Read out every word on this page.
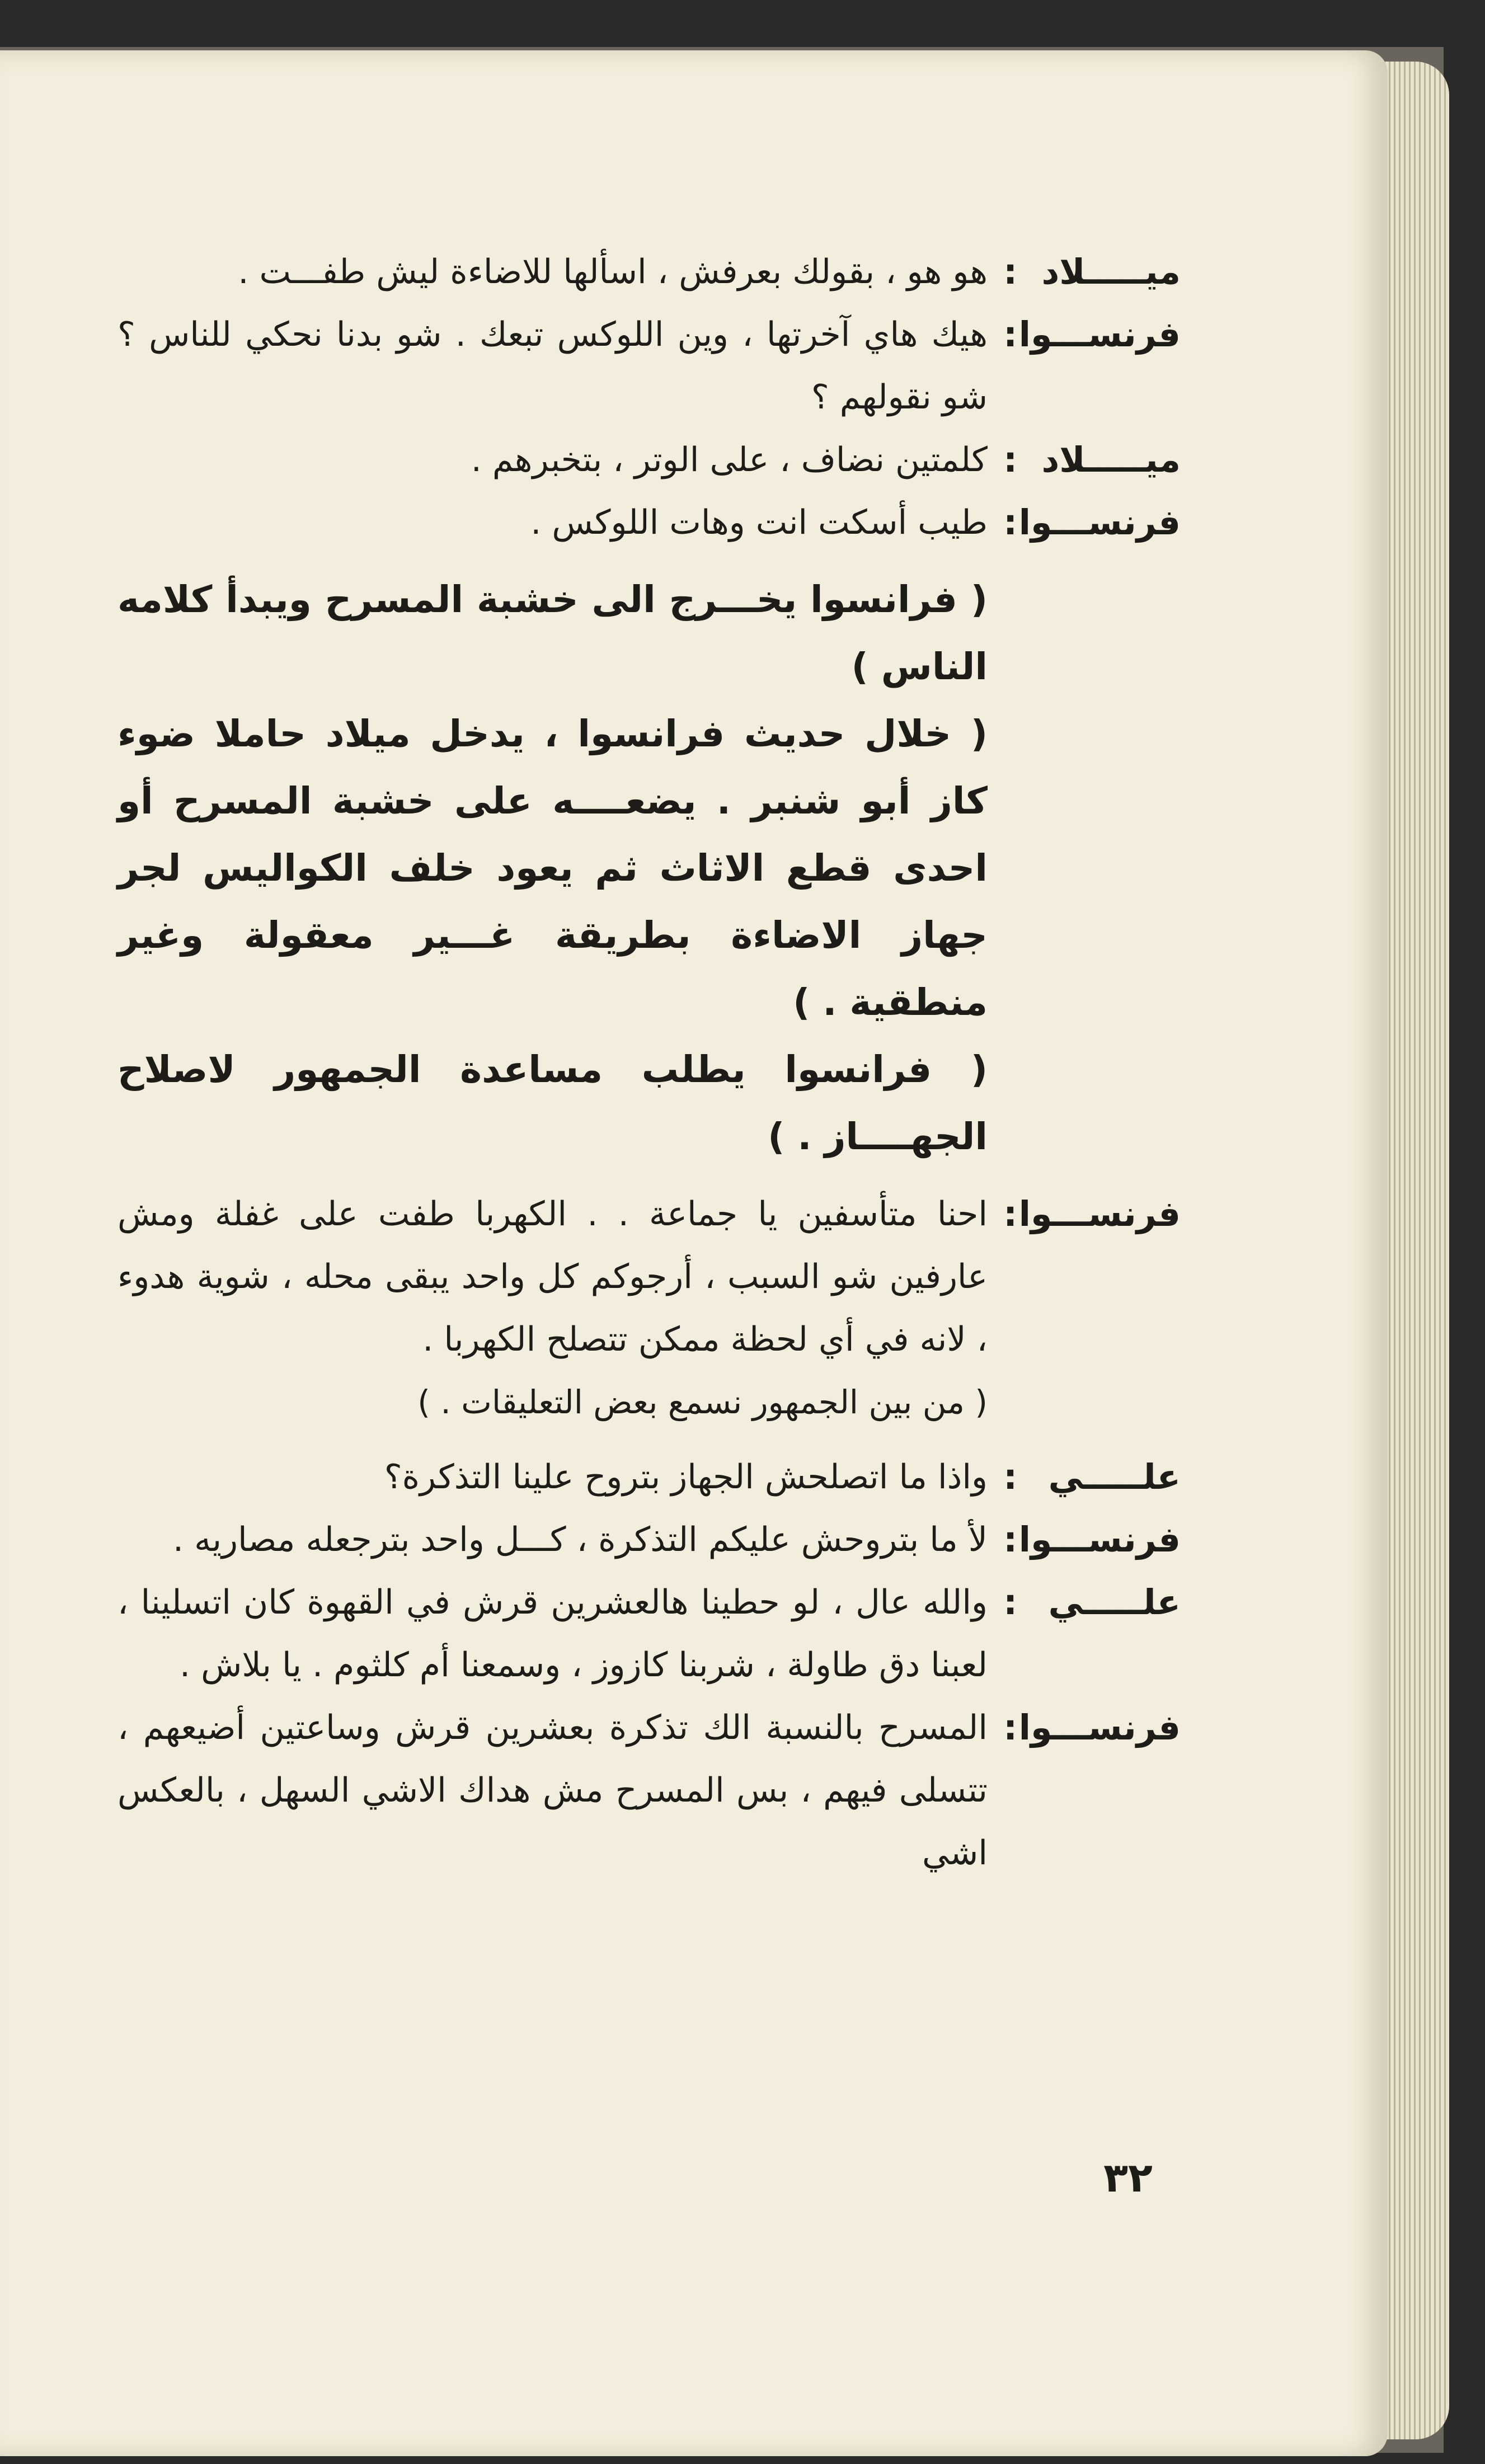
ميـــــلاد
:
هو هو ، بقولك بعرفش ، اسألها للاضاءة ليش طفـــت .
فرنســـوا
:
هيك هاي آخرتها ، وين اللوكس تبعك . شو بدنا نحكي للناس ؟ شو نقولهم ؟
ميـــــلاد
:
كلمتين نضاف ، على الوتر ، بتخبرهم .
فرنســـوا
:
طيب أسكت انت وهات اللوكس .
( فرانسوا يخـــرج الى خشبة المسرح ويبدأ كلامه الناس )
( خلال حديث فرانسوا ، يدخل ميلاد حاملا ضوء كاز أبو شنبر . يضعــــه على خشبة المسرح أو احدى قطع الاثاث ثم يعود خلف الكواليس لجر جهاز الاضاءة بطريقة غـــير معقولة وغير منطقية . )
( فرانسوا يطلب مساعدة الجمهور لاصلاح الجهــــاز . )
فرنســـوا
:
احنا متأسفين يا جماعة . . الكهربا طفت على غفلة ومش عارفين شو السبب ، أرجوكم كل واحد يبقى محله ، شوية هدوء ، لانه في أي لحظة ممكن تتصلح الكهربا .
( من بين الجمهور نسمع بعض التعليقات . )
علـــــي
:
واذا ما اتصلحش الجهاز بتروح علينا التذكرة؟
فرنســـوا
:
لأ ما بتروحش عليكم التذكرة ، كـــل واحد بترجعله مصاريه .
علـــــي
:
والله عال ، لو حطينا هالعشرين قرش في القهوة كان اتسلينا ، لعبنا دق طاولة ، شربنا كازوز ، وسمعنا أم كلثوم . يا بلاش .
فرنســـوا
:
المسرح بالنسبة الك تذكرة بعشرين قرش وساعتين أضيعهم ، تتسلى فيهم ، بس المسرح مش هداك الاشي السهل ، بالعكس اشي
٣٢
